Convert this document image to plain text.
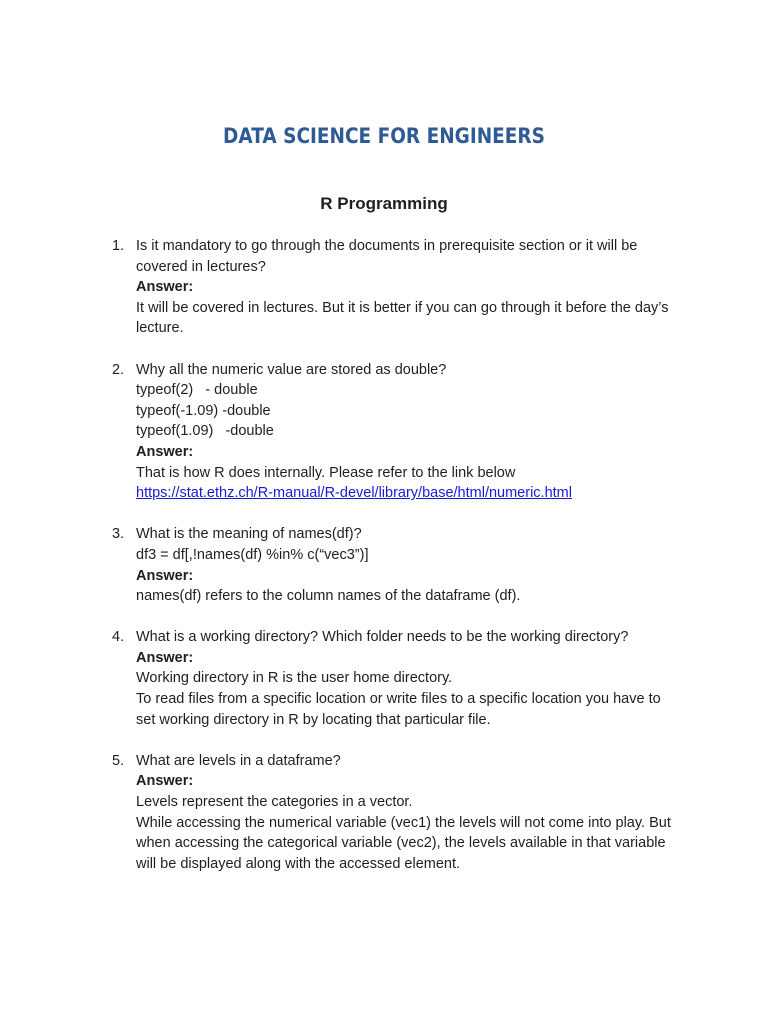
DATA SCIENCE FOR ENGINEERS
R Programming
1. Is it mandatory to go through the documents in prerequisite section or it will be covered in lectures?
Answer:
It will be covered in lectures. But it is better if you can go through it before the day’s lecture.
2. Why all the numeric value are stored as double?
typeof(2)   - double
typeof(-1.09) -double
typeof(1.09)   -double
Answer:
That is how R does internally. Please refer to the link below
https://stat.ethz.ch/R-manual/R-devel/library/base/html/numeric.html
3. What is the meaning of names(df)?
df3 = df[,!names(df) %in% c(“vec3”)]
Answer:
names(df) refers to the column names of the dataframe (df).
4. What is a working directory? Which folder needs to be the working directory?
Answer:
Working directory in R is the user home directory.
To read files from a specific location or write files to a specific location you have to set working directory in R by locating that particular file.
5. What are levels in a dataframe?
Answer:
Levels represent the categories in a vector.
While accessing the numerical variable (vec1) the levels will not come into play. But when accessing the categorical variable (vec2), the levels available in that variable will be displayed along with the accessed element.
